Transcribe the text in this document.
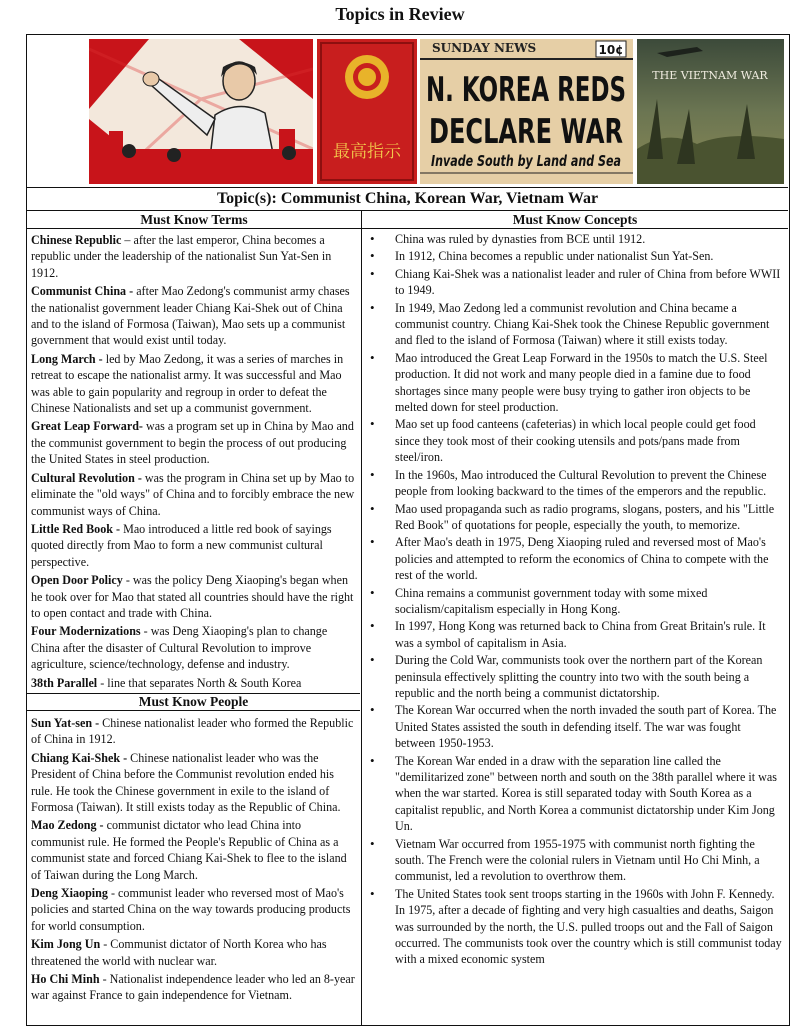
Topics in Review
最高指示
SUNDAY NEWS	10¢
N. KOREA REDS
DECLARE WAR
Invade South by Land and Sea
THE VIETNAM WAR
Topic(s): Communist China, Korean War, Vietnam War
Must Know Terms	Must Know Concepts
Chinese Republic – after the last emperor, China becomes a republic under the leadership of the nationalist Sun Yat-Sen in 1912.
Communist China - after Mao Zedong's communist army chases the nationalist government leader Chiang Kai-Shek out of China and to the island of Formosa (Taiwan), Mao sets up a communist government that would exist until today.
Long March - led by Mao Zedong, it was a series of marches in retreat to escape the nationalist army. It was successful and Mao was able to gain popularity and regroup in order to defeat the Chinese Nationalists and set up a communist government.
Great Leap Forward- was a program set up in China by Mao and the communist government to begin the process of out producing the United States in steel production.
Cultural Revolution - was the program in China set up by Mao to eliminate the "old ways" of China and to forcibly embrace the new communist ways of China.
Little Red Book - Mao introduced a little red book of sayings quoted directly from Mao to form a new communist cultural perspective.
Open Door Policy - was the policy Deng Xiaoping's began when he took over for Mao that stated all countries should have the right to open contact and trade with China.
Four Modernizations - was Deng Xiaoping's plan to change China after the disaster of Cultural Revolution to improve agriculture, science/technology, defense and industry.
38th Parallel - line that separates North & South Korea
Must Know People
Sun Yat-sen - Chinese nationalist leader who formed the Republic of China in 1912.
Chiang Kai-Shek - Chinese nationalist leader who was the President of China before the Communist revolution ended his rule. He took the Chinese government in exile to the island of Formosa (Taiwan). It still exists today as the Republic of China.
Mao Zedong - communist dictator who lead China into communist rule. He formed the People's Republic of China as a communist state and forced Chiang Kai-Shek to flee to the island of Taiwan during the Long March.
Deng Xiaoping - communist leader who reversed most of Mao's policies and started China on the way towards producing products for world consumption.
Kim Jong Un - Communist dictator of North Korea who has threatened the world with nuclear war.
Ho Chi Minh - Nationalist independence leader who led an 8-year war against France to gain independence for Vietnam.
• China was ruled by dynasties from BCE until 1912.
• In 1912, China becomes a republic under nationalist Sun Yat-Sen.
• Chiang Kai-Shek was a nationalist leader and ruler of China from before WWII to 1949.
• In 1949, Mao Zedong led a communist revolution and China became a communist country. Chiang Kai-Shek took the Chinese Republic government and fled to the island of Formosa (Taiwan) where it still exists today.
• Mao introduced the Great Leap Forward in the 1950s to match the U.S. Steel production. It did not work and many people died in a famine due to food shortages since many people were busy trying to gather iron objects to be melted down for steel production.
• Mao set up food canteens (cafeterias) in which local people could get food since they took most of their cooking utensils and pots/pans made from steel/iron.
• In the 1960s, Mao introduced the Cultural Revolution to prevent the Chinese people from looking backward to the times of the emperors and the republic.
• Mao used propaganda such as radio programs, slogans, posters, and his "Little Red Book" of quotations for people, especially the youth, to memorize.
• After Mao's death in 1975, Deng Xiaoping ruled and reversed most of Mao's policies and attempted to reform the economics of China to compete with the rest of the world.
• China remains a communist government today with some mixed socialism/capitalism especially in Hong Kong.
• In 1997, Hong Kong was returned back to China from Great Britain's rule. It was a symbol of capitalism in Asia.
• During the Cold War, communists took over the northern part of the Korean peninsula effectively splitting the country into two with the south being a republic and the north being a communist dictatorship.
• The Korean War occurred when the north invaded the south part of Korea. The United States assisted the south in defending itself. The war was fought between 1950-1953.
• The Korean War ended in a draw with the separation line called the "demilitarized zone" between north and south on the 38th parallel where it was when the war started. Korea is still separated today with South Korea as a capitalist republic, and North Korea a communist dictatorship under Kim Jong Un.
• Vietnam War occurred from 1955-1975 with communist north fighting the south. The French were the colonial rulers in Vietnam until Ho Chi Minh, a communist, led a revolution to overthrow them.
• The United States took sent troops starting in the 1960s with John F. Kennedy. In 1975, after a decade of fighting and very high casualties and deaths, Saigon was surrounded by the north, the U.S. pulled troops out and the Fall of Saigon occurred. The communists took over the country which is still communist today with a mixed economic system
